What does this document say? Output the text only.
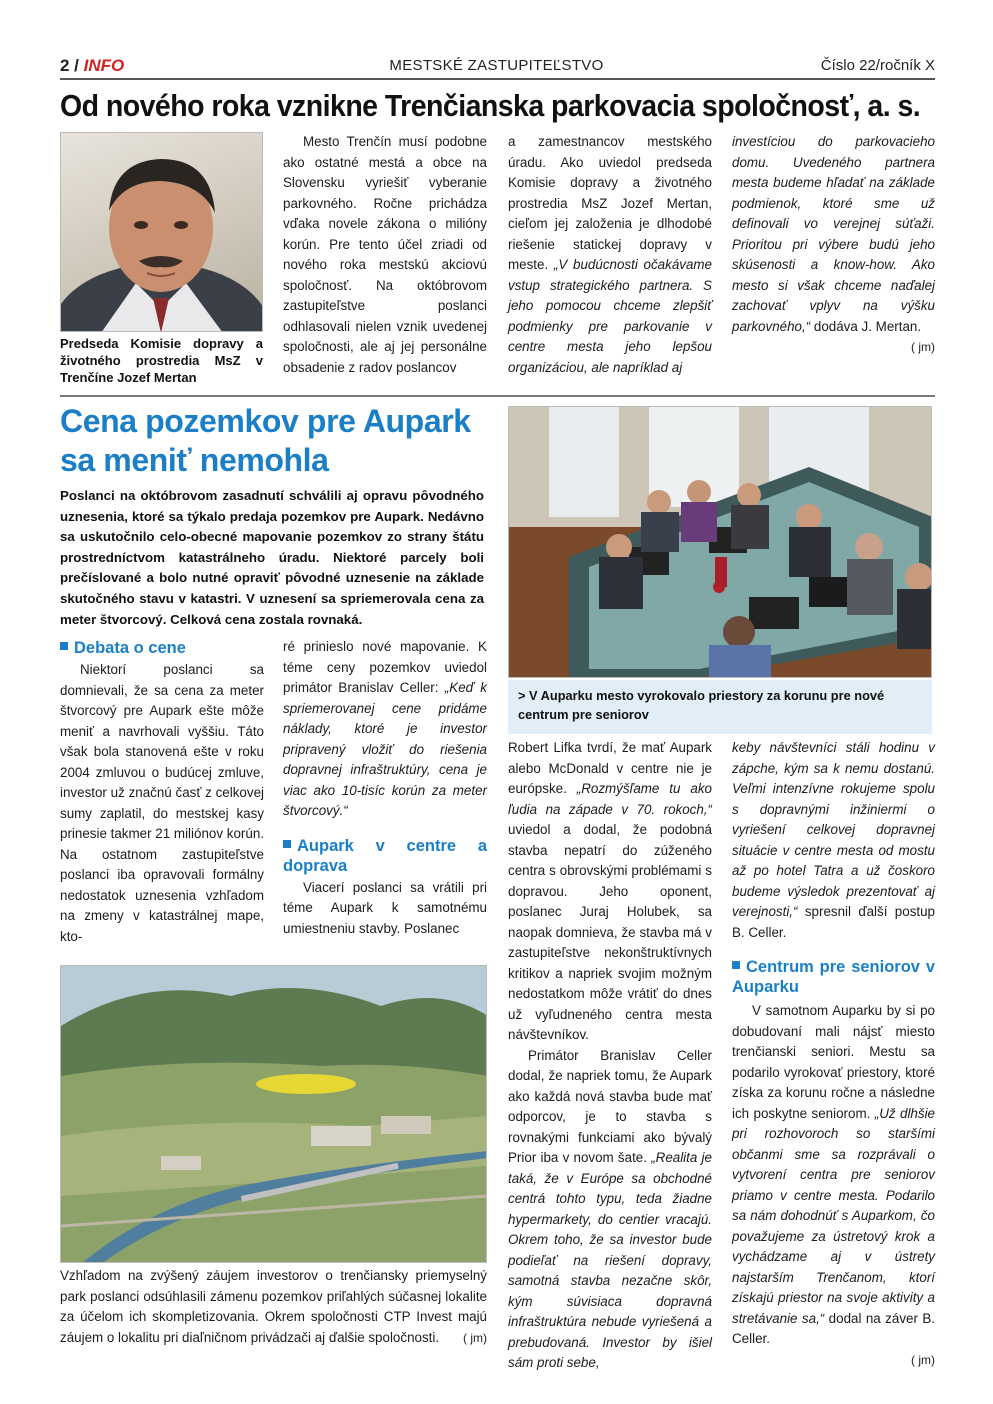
2 / INFO	MESTSKÉ ZASTUPITEĽSTVO	Číslo 22/ročník X
Od nového roka vznikne Trenčianska parkovacia spoločnosť, a. s.
Predseda Komisie dopravy a životného prostredia MsZ v Trenčíne Jozef Mertan

Mesto Trenčín musí podobne ako ostatné mestá a obce na Slovensku vyriešiť vyberanie parkovného. Ročne prichádza vďaka novele zákona o milióny korún. Pre tento účel zriadi od nového roka mestskú akciovú spoločnosť. Na októbrovom zastupiteľstve poslanci odhlasovali nielen vznik uvedenej spoločnosti, ale aj jej personálne obsadenie z radov poslancov

a zamestnancov mestského úradu. Ako uviedol predseda Komisie dopravy a životného prostredia MsZ Jozef Mertan, cieľom jej založenia je dlhodobé riešenie statickej dopravy v meste. „V budúcnosti očakávame vstup strategického partnera. S jeho pomocou chceme zlepšiť podmienky pre parkovanie v centre mesta jeho lepšou organizáciou, ale napríklad aj

investíciou do parkovacieho domu. Uvedeného partnera mesta budeme hľadať na základe podmienok, ktoré sme už definovali vo verejnej súťaži. Prioritou pri výbere budú jeho skúsenosti a know-how. Ako mesto si však chceme naďalej zachovať vplyv na výšku parkovného,“ dodáva J. Mertan.

( jm)
Cena pozemkov pre Aupark sa meniť nemohla
Poslanci na októbrovom zasadnutí schválili aj opravu pôvodného uznesenia, ktoré sa týkalo predaja pozemkov pre Aupark. Nedávno sa uskutočnilo celo-obecné mapovanie pozemkov zo strany štátu prostredníctvom katastrálneho úradu. Niektoré parcely boli prečíslované a bolo nutné opraviť pôvodné uznesenie na základe skutočného stavu v katastri. V uznesení sa spriemerovala cena za meter štvorcový. Celková cena zostala rovnaká.
Debata o cene

Niektorí poslanci sa domnievali, že sa cena za meter štvorcový pre Aupark ešte môže meniť a navrhovali vyššiu. Táto však bola stanovená ešte v roku 2004 zmluvou o budúcej zmluve, investor už značnú časť z celkovej sumy zaplatil, do mestskej kasy prinesie takmer 21 miliónov korún. Na ostatnom zastupiteľstve poslanci iba opravovali formálny nedostatok uznesenia vzhľadom na zmeny v katastrálnej mape, kto-

ré prinieslo nové mapovanie. K téme ceny pozemkov uviedol primátor Branislav Celler: „Keď k spriemerovanej cene pridáme náklady, ktoré je investor pripravený vložiť do riešenia dopravnej infraštruktúry, cena je viac ako 10-tisíc korún za meter štvorcový.“

Aupark v centre a doprava

Viacerí poslanci sa vrátili pri téme Aupark k samotnému umiestneniu stavby. Poslanec

> V Auparku mesto vyrokovalo priestory za korunu pre nové centrum pre seniorov

Robert Lifka tvrdí, že mať Aupark alebo McDonald v centre nie je európske. „Rozmýšľame tu ako ľudia na západe v 70. rokoch,“ uviedol a dodal, že podobná stavba nepatrí do zúženého centra s obrovskými problémami s dopravou. Jeho oponent, poslanec Juraj Holubek, sa naopak domnieva, že stavba má v zastupiteľstve nekonštruktívnych kritikov a napriek svojim možným nedostatkom môže vrátiť do dnes už vyľudneného centra mesta návštevníkov.

Primátor Branislav Celler dodal, že napriek tomu, že Aupark ako každá nová stavba bude mať odporcov, je to stavba s rovnakými funkciami ako bývalý Prior iba v novom šate. „Realita je taká, že v Európe sa obchodné centrá tohto typu, teda žiadne hypermarkety, do centier vracajú. Okrem toho, že sa investor bude podieľať na riešení dopravy, samotná stavba nezačne skôr, kým súvisiaca dopravná infraštruktúra nebude vyriešená a prebudovaná. Investor by išiel sám proti sebe,

keby návštevníci stáli hodinu v zápche, kým sa k nemu dostanú. Veľmi intenzívne rokujeme spolu s dopravnými inžiniermi o vyriešení celkovej dopravnej situácie v centre mesta od mostu až po hotel Tatra a už čoskoro budeme výsledok prezentovať aj verejnosti,“ spresnil ďalší postup B. Celler.

Centrum pre seniorov v Auparku

V samotnom Auparku by si po dobudovaní mali nájsť miesto trenčianski seniori. Mestu sa podarilo vyrokovať priestory, ktoré získa za korunu ročne a následne ich poskytne seniorom. „Už dlhšie pri rozhovoroch so staršími občanmi sme sa rozprávali o vytvorení centra pre seniorov priamo v centre mesta. Podarilo sa nám dohodnúť s Auparkom, čo považujeme za ústretový krok a vychádzame aj v ústrety najstarším Trenčanom, ktorí získajú priestor na svoje aktivity a stretávanie sa,“ dodal na záver B. Celler.

( jm)

Vzhľadom na zvýšený záujem investorov o trenčiansky priemyselný park poslanci odsúhlasili zámenu pozemkov priľahlých súčasnej lokalite za účelom ich skompletizovania. Okrem spoločnosti CTP Invest majú záujem o lokalitu pri diaľničnom privádzači aj ďalšie spoločnosti.	( jm)
